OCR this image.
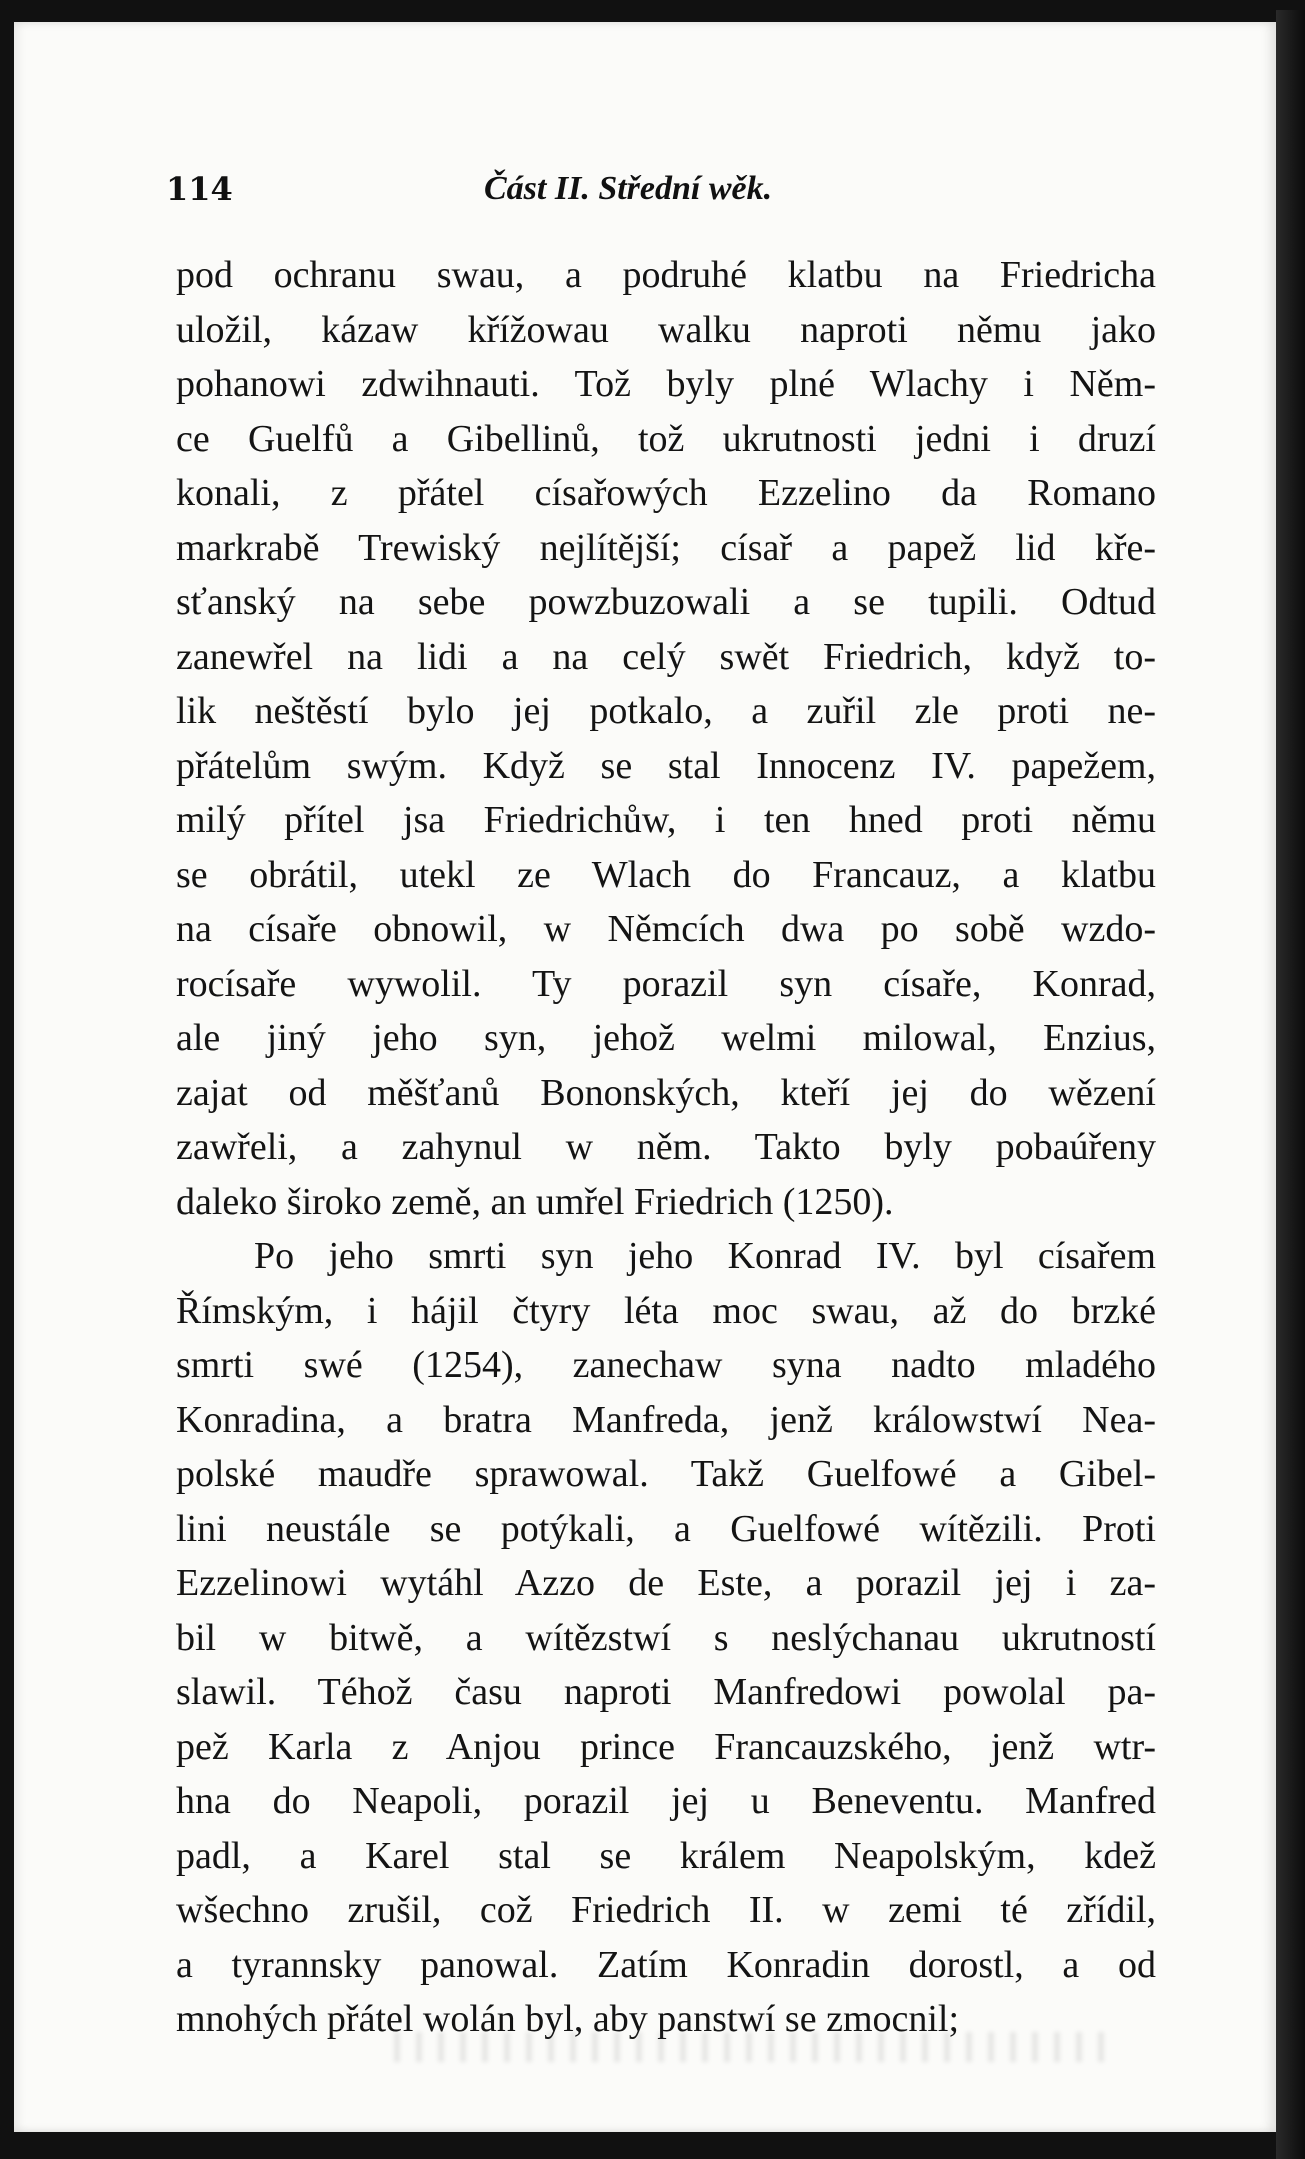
114	Část II. Střední wěk.
pod ochranu swau, a podruhé klatbu na Friedricha
uložil, kázaw křížowau walku naproti němu jako
pohanowi zdwihnauti. Tož byly plné Wlachy i Něm-
ce Guelfů a Gibellinů, tož ukrutnosti jedni i druzí
konali, z přátel císařowých Ezzelino da Romano
markrabě Trewiský nejlítější; císař a papež lid kře-
sťanský na sebe powzbuzowali a se tupili. Odtud
zanewřel na lidi a na celý swět Friedrich, když to-
lik neštěstí bylo jej potkalo, a zuřil zle proti ne-
přátelům swým. Když se stal Innocenz IV. papežem,
milý přítel jsa Friedrichůw, i ten hned proti němu
se obrátil, utekl ze Wlach do Francauz, a klatbu
na císaře obnowil, w Němcích dwa po sobě wzdo-
rocísaře wywolil. Ty porazil syn císaře, Konrad,
ale jiný jeho syn, jehož welmi milowal, Enzius,
zajat od měšťanů Bononských, kteří jej do wězení
zawřeli, a zahynul w něm. Takto byly pobaúřeny
daleko široko země, an umřel Friedrich (1250).
Po jeho smrti syn jeho Konrad IV. byl císařem
Římským, i hájil čtyry léta moc swau, až do brzké
smrti swé (1254), zanechaw syna nadto mladého
Konradina, a bratra Manfreda, jenž králowstwí Nea-
polské maudře sprawowal. Takž Guelfowé a Gibel-
lini neustále se potýkali, a Guelfowé wítězili. Proti
Ezzelinowi wytáhl Azzo de Este, a porazil jej i za-
bil w bitwě, a wítězstwí s neslýchanau ukrutností
slawil. Téhož času naproti Manfredowi powolal pa-
pež Karla z Anjou prince Francauzského, jenž wtr-
hna do Neapoli, porazil jej u Beneventu. Manfred
padl, a Karel stal se králem Neapolským, kdež
wšechno zrušil, což Friedrich II. w zemi té zřídil,
a tyrannsky panowal. Zatím Konradin dorostl, a od
mnohých přátel wolán byl, aby panstwí se zmocnil;
